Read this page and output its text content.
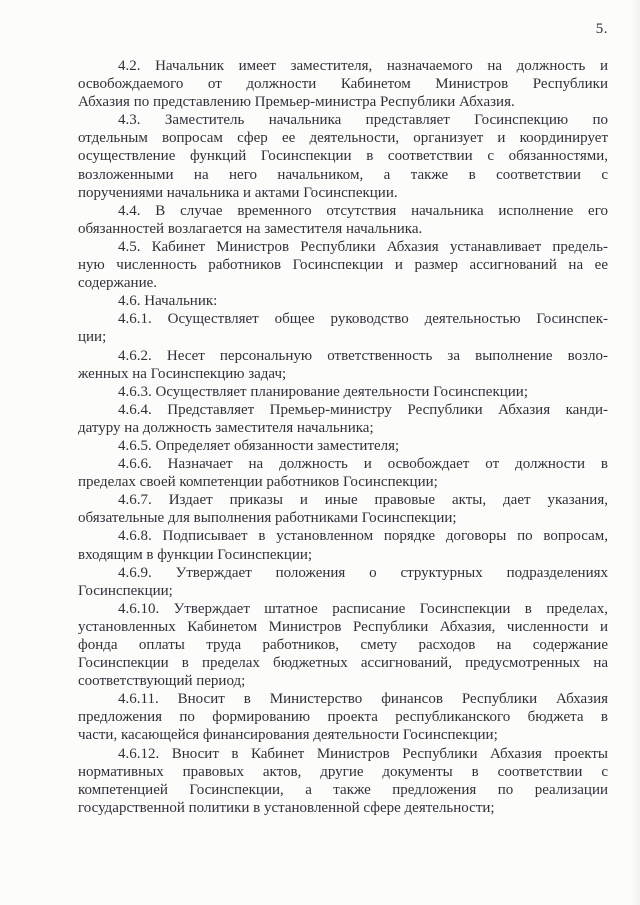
5.
4.2. Начальник имеет заместителя, назначаемого на должность и
освобождаемого от должности Кабинетом Министров Республики
Абхазия по представлению Премьер-министра Республики Абхазия.
4.3. Заместитель начальника представляет Госинспекцию по
отдельным вопросам сфер ее деятельности, организует и координирует
осуществление функций Госинспекции в соответствии с обязанностями,
возложенными на него начальником, а также в соответствии с
поручениями начальника и актами Госинспекции.
4.4. В случае временного отсутствия начальника исполнение его
обязанностей возлагается на заместителя начальника.
4.5. Кабинет Министров Республики Абхазия устанавливает предель-
ную численность работников Госинспекции и размер ассигнований на ее
содержание.
4.6. Начальник:
4.6.1. Осуществляет общее руководство деятельностью Госинспек-
ции;
4.6.2. Несет персональную ответственность за выполнение возло-
женных на Госинспекцию задач;
4.6.3. Осуществляет планирование деятельности Госинспекции;
4.6.4. Представляет Премьер-министру Республики Абхазия канди-
датуру на должность заместителя начальника;
4.6.5. Определяет обязанности заместителя;
4.6.6. Назначает на должность и освобождает от должности в
пределах своей компетенции работников Госинспекции;
4.6.7. Издает приказы и иные правовые акты, дает указания,
обязательные для выполнения работниками Госинспекции;
4.6.8. Подписывает в установленном порядке договоры по вопросам,
входящим в функции Госинспекции;
4.6.9. Утверждает положения о структурных подразделениях
Госинспекции;
4.6.10. Утверждает штатное расписание Госинспекции в пределах,
установленных Кабинетом Министров Республики Абхазия, численности и
фонда оплаты труда работников, смету расходов на содержание
Госинспекции в пределах бюджетных ассигнований, предусмотренных на
соответствующий период;
4.6.11. Вносит в Министерство финансов Республики Абхазия
предложения по формированию проекта республиканского бюджета в
части, касающейся финансирования деятельности Госинспекции;
4.6.12. Вносит в Кабинет Министров Республики Абхазия проекты
нормативных правовых актов, другие документы в соответствии с
компетенцией Госинспекции, а также предложения по реализации
государственной политики в установленной сфере деятельности;
